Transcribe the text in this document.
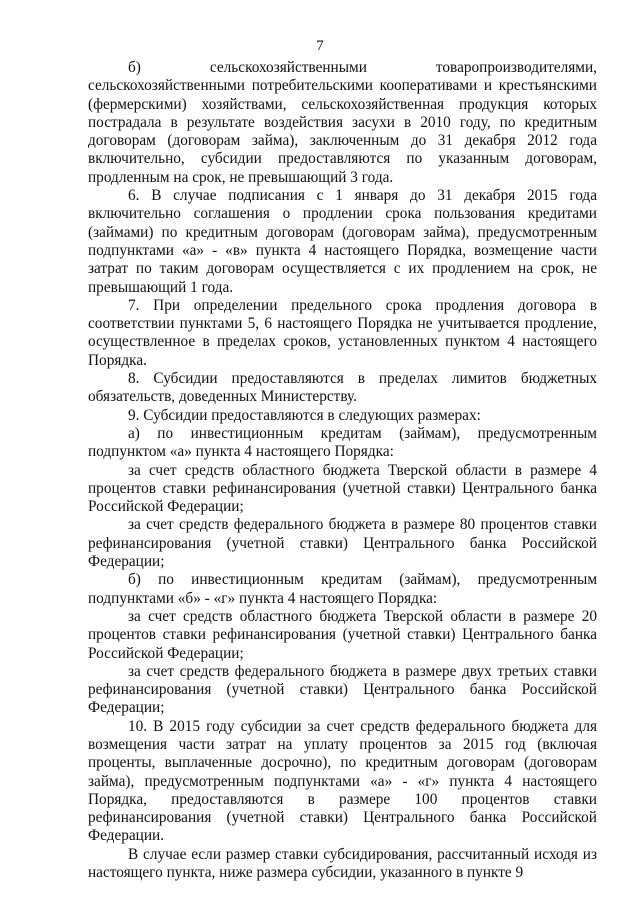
7

б) сельскохозяйственными товаропроизводителями, сельскохозяйственными потребительскими кооперативами и крестьянскими (фермерскими) хозяйствами, сельскохозяйственная продукция которых пострадала в результате воздействия засухи в 2010 году, по кредитным договорам (договорам займа), заключенным до 31 декабря 2012 года включительно, субсидии предоставляются по указанным договорам, продленным на срок, не превышающий 3 года.

6. В случае подписания с 1 января до 31 декабря 2015 года включительно соглашения о продлении срока пользования кредитами (займами) по кредитным договорам (договорам займа), предусмотренным подпунктами «а» - «в» пункта 4 настоящего Порядка, возмещение части затрат по таким договорам осуществляется с их продлением на срок, не превышающий 1 года.

7. При определении предельного срока продления договора в соответствии пунктами 5, 6 настоящего Порядка не учитывается продление, осуществленное в пределах сроков, установленных пунктом 4 настоящего Порядка.

8. Субсидии предоставляются в пределах лимитов бюджетных обязательств, доведенных Министерству.

9. Субсидии предоставляются в следующих размерах:

а) по инвестиционным кредитам (займам), предусмотренным подпунктом «а» пункта 4 настоящего Порядка:

за счет средств областного бюджета Тверской области в размере 4 процентов ставки рефинансирования (учетной ставки) Центрального банка Российской Федерации;

за счет средств федерального бюджета в размере 80 процентов ставки рефинансирования (учетной ставки) Центрального банка Российской Федерации;

б) по инвестиционным кредитам (займам), предусмотренным подпунктами «б» - «г» пункта 4 настоящего Порядка:

за счет средств областного бюджета Тверской области в размере 20 процентов ставки рефинансирования (учетной ставки) Центрального банка Российской Федерации;

за счет средств федерального бюджета в размере двух третьих ставки рефинансирования (учетной ставки) Центрального банка Российской Федерации;

10. В 2015 году субсидии за счет средств федерального бюджета для возмещения части затрат на уплату процентов за 2015 год (включая проценты, выплаченные досрочно), по кредитным договорам (договорам займа), предусмотренным подпунктами «а» - «г» пункта 4 настоящего Порядка, предоставляются в размере 100 процентов ставки рефинансирования (учетной ставки) Центрального банка Российской Федерации.

В случае если размер ставки субсидирования, рассчитанный исходя из настоящего пункта, ниже размера субсидии, указанного в пункте 9
